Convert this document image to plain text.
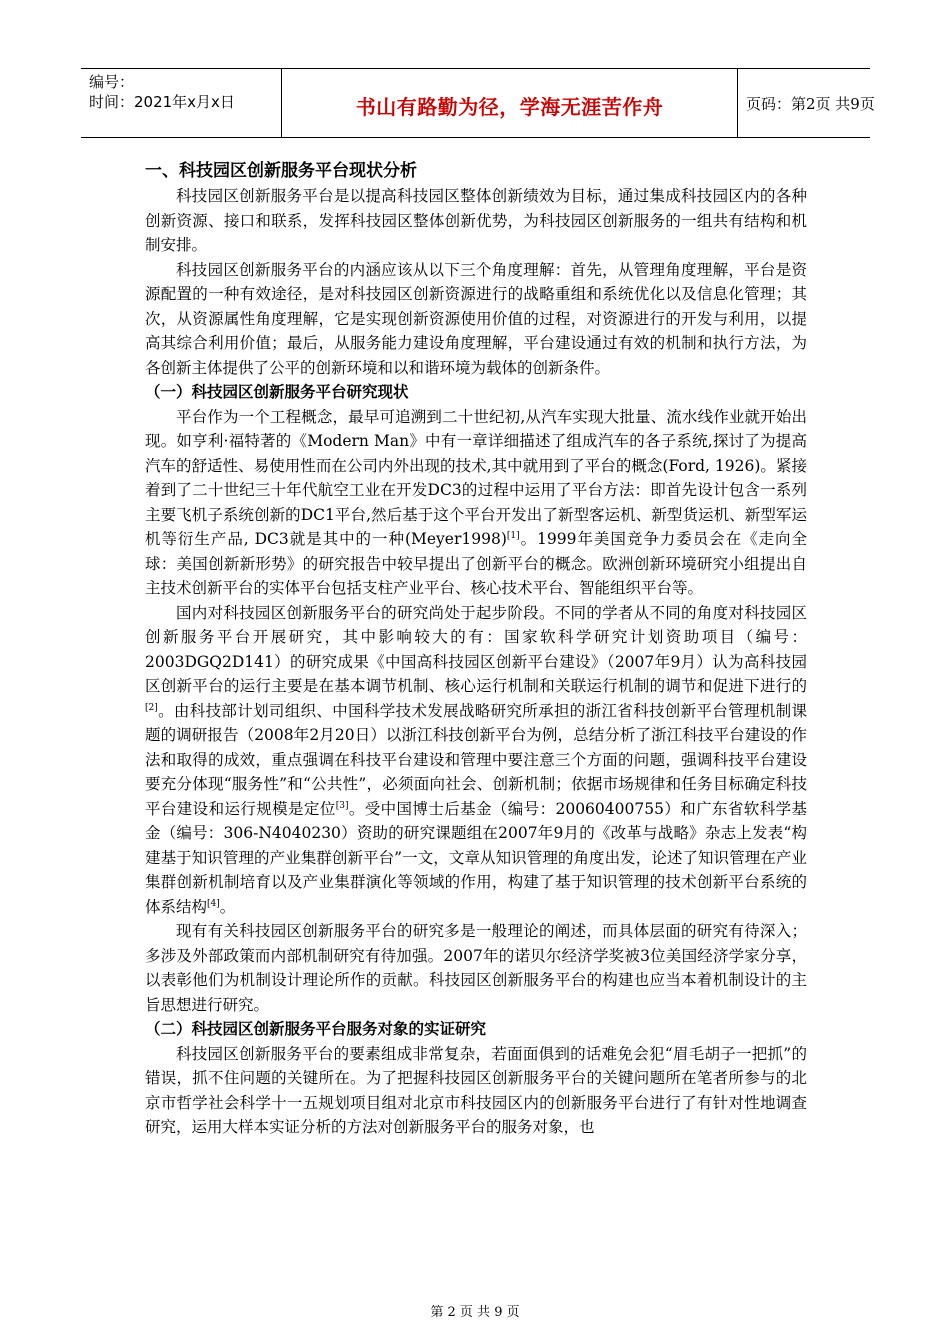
编号：
时间：2021年x月x日	书山有路勤为径，学海无涯苦作舟	页码：第2页 共9页
一、科技园区创新服务平台现状分析

科技园区创新服务平台是以提高科技园区整体创新绩效为目标，通过集成科技园区内的各种创新资源、接口和联系，发挥科技园区整体创新优势，为科技园区创新服务的一组共有结构和机制安排。

科技园区创新服务平台的内涵应该从以下三个角度理解：首先，从管理角度理解，平台是资源配置的一种有效途径，是对科技园区创新资源进行的战略重组和系统优化以及信息化管理；其次，从资源属性角度理解，它是实现创新资源使用价值的过程，对资源进行的开发与利用，以提高其综合利用价值；最后，从服务能力建设角度理解，平台建设通过有效的机制和执行方法，为各创新主体提供了公平的创新环境和以和谐环境为载体的创新条件。

（一）科技园区创新服务平台研究现状

平台作为一个工程概念，最早可追溯到二十世纪初,从汽车实现大批量、流水线作业就开始出现。如亨利·福特著的《Modern Man》中有一章详细描述了组成汽车的各子系统,探讨了为提高汽车的舒适性、易使用性而在公司内外出现的技术,其中就用到了平台的概念(Ford, 1926)。紧接着到了二十世纪三十年代航空工业在开发DC3的过程中运用了平台方法：即首先设计包含一系列主要飞机子系统创新的DC1平台,然后基于这个平台开发出了新型客运机、新型货运机、新型军运机等衍生产品, DC3就是其中的一种(Meyer1998)[1]。1999年美国竞争力委员会在《走向全球：美国创新新形势》的研究报告中较早提出了创新平台的概念。欧洲创新环境研究小组提出自主技术创新平台的实体平台包括支柱产业平台、核心技术平台、智能组织平台等。

国内对科技园区创新服务平台的研究尚处于起步阶段。不同的学者从不同的角度对科技园区创新服务平台开展研究，其中影响较大的有：国家软科学研究计划资助项目（编号：2003DGQ2D141）的研究成果《中国高科技园区创新平台建设》（2007年9月）认为高科技园区创新平台的运行主要是在基本调节机制、核心运行机制和关联运行机制的调节和促进下进行的[2]。由科技部计划司组织、中国科学技术发展战略研究所承担的浙江省科技创新平台管理机制课题的调研报告（2008年2月20日）以浙江科技创新平台为例，总结分析了浙江科技平台建设的作法和取得的成效，重点强调在科技平台建设和管理中要注意三个方面的问题，强调科技平台建设要充分体现“服务性”和“公共性”，必须面向社会、创新机制；依据市场规律和任务目标确定科技平台建设和运行规模是定位[3]。受中国博士后基金（编号：20060400755）和广东省软科学基金（编号：306-N4040230）资助的研究课题组在2007年9月的《改革与战略》杂志上发表“构建基于知识管理的产业集群创新平台”一文，文章从知识管理的角度出发，论述了知识管理在产业集群创新机制培育以及产业集群演化等领域的作用，构建了基于知识管理的技术创新平台系统的体系结构[4]。

现有有关科技园区创新服务平台的研究多是一般理论的阐述，而具体层面的研究有待深入；多涉及外部政策而内部机制研究有待加强。2007年的诺贝尔经济学奖被3位美国经济学家分享，以表彰他们为机制设计理论所作的贡献。科技园区创新服务平台的构建也应当本着机制设计的主旨思想进行研究。

（二）科技园区创新服务平台服务对象的实证研究

科技园区创新服务平台的要素组成非常复杂，若面面俱到的话难免会犯“眉毛胡子一把抓”的错误，抓不住问题的关键所在。为了把握科技园区创新服务平台的关键问题所在笔者所参与的北京市哲学社会科学十一五规划项目组对北京市科技园区内的创新服务平台进行了有针对性地调查研究，运用大样本实证分析的方法对创新服务平台的服务对象，也

第 2 页 共 9 页
